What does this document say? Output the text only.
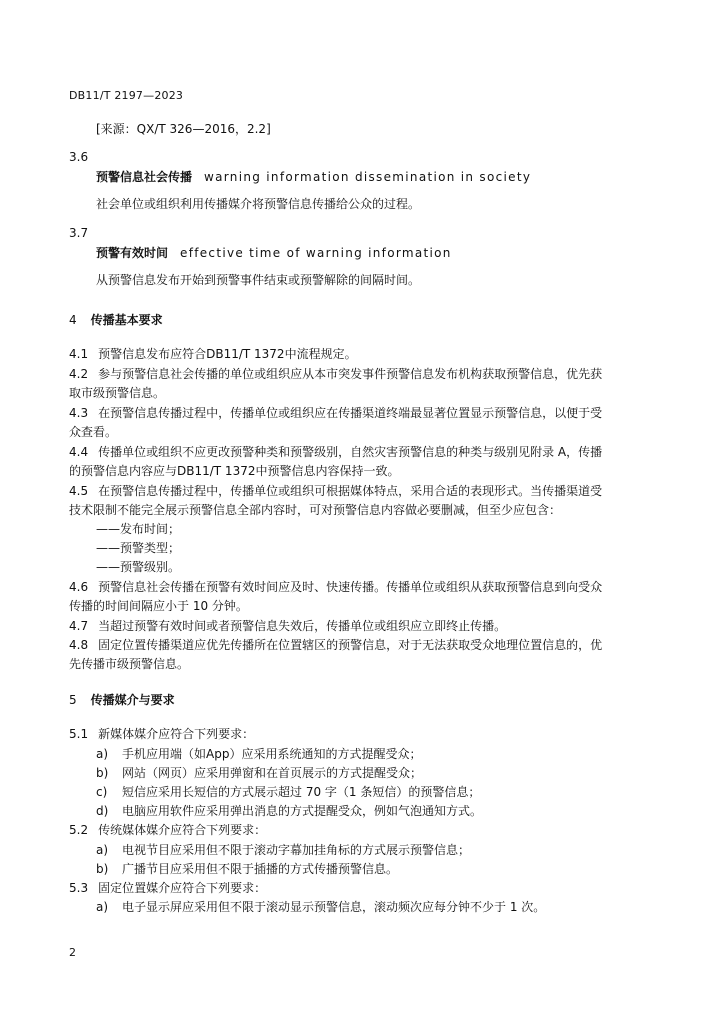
DB11/T 2197—2023
[来源：QX/T 326—2016，2.2]
3.6
预警信息社会传播 warning information dissemination in society
社会单位或组织利用传播媒介将预警信息传播给公众的过程。
3.7
预警有效时间 effective time of warning information
从预警信息发布开始到预警事件结束或预警解除的间隔时间。
4 传播基本要求
4.1 预警信息发布应符合DB11/T 1372中流程规定。
4.2 参与预警信息社会传播的单位或组织应从本市突发事件预警信息发布机构获取预警信息，优先获
取市级预警信息。
4.3 在预警信息传播过程中，传播单位或组织应在传播渠道终端最显著位置显示预警信息，以便于受
众查看。
4.4 传播单位或组织不应更改预警种类和预警级别，自然灾害预警信息的种类与级别见附录 A，传播
的预警信息内容应与DB11/T 1372中预警信息内容保持一致。
4.5 在预警信息传播过程中，传播单位或组织可根据媒体特点，采用合适的表现形式。当传播渠道受
技术限制不能完全展示预警信息全部内容时，可对预警信息内容做必要删减，但至少应包含：
——发布时间；
——预警类型；
——预警级别。
4.6 预警信息社会传播在预警有效时间应及时、快速传播。传播单位或组织从获取预警信息到向受众
传播的时间间隔应小于 10 分钟。
4.7 当超过预警有效时间或者预警信息失效后，传播单位或组织应立即终止传播。
4.8 固定位置传播渠道应优先传播所在位置辖区的预警信息，对于无法获取受众地理位置信息的，优
先传播市级预警信息。
5 传播媒介与要求
5.1 新媒体媒介应符合下列要求：
a) 手机应用端（如App）应采用系统通知的方式提醒受众；
b) 网站（网页）应采用弹窗和在首页展示的方式提醒受众；
c) 短信应采用长短信的方式展示超过 70 字（1 条短信）的预警信息；
d) 电脑应用软件应采用弹出消息的方式提醒受众，例如气泡通知方式。
5.2 传统媒体媒介应符合下列要求：
a) 电视节目应采用但不限于滚动字幕加挂角标的方式展示预警信息；
b) 广播节目应采用但不限于插播的方式传播预警信息。
5.3 固定位置媒介应符合下列要求：
a) 电子显示屏应采用但不限于滚动显示预警信息，滚动频次应每分钟不少于 1 次。
2
